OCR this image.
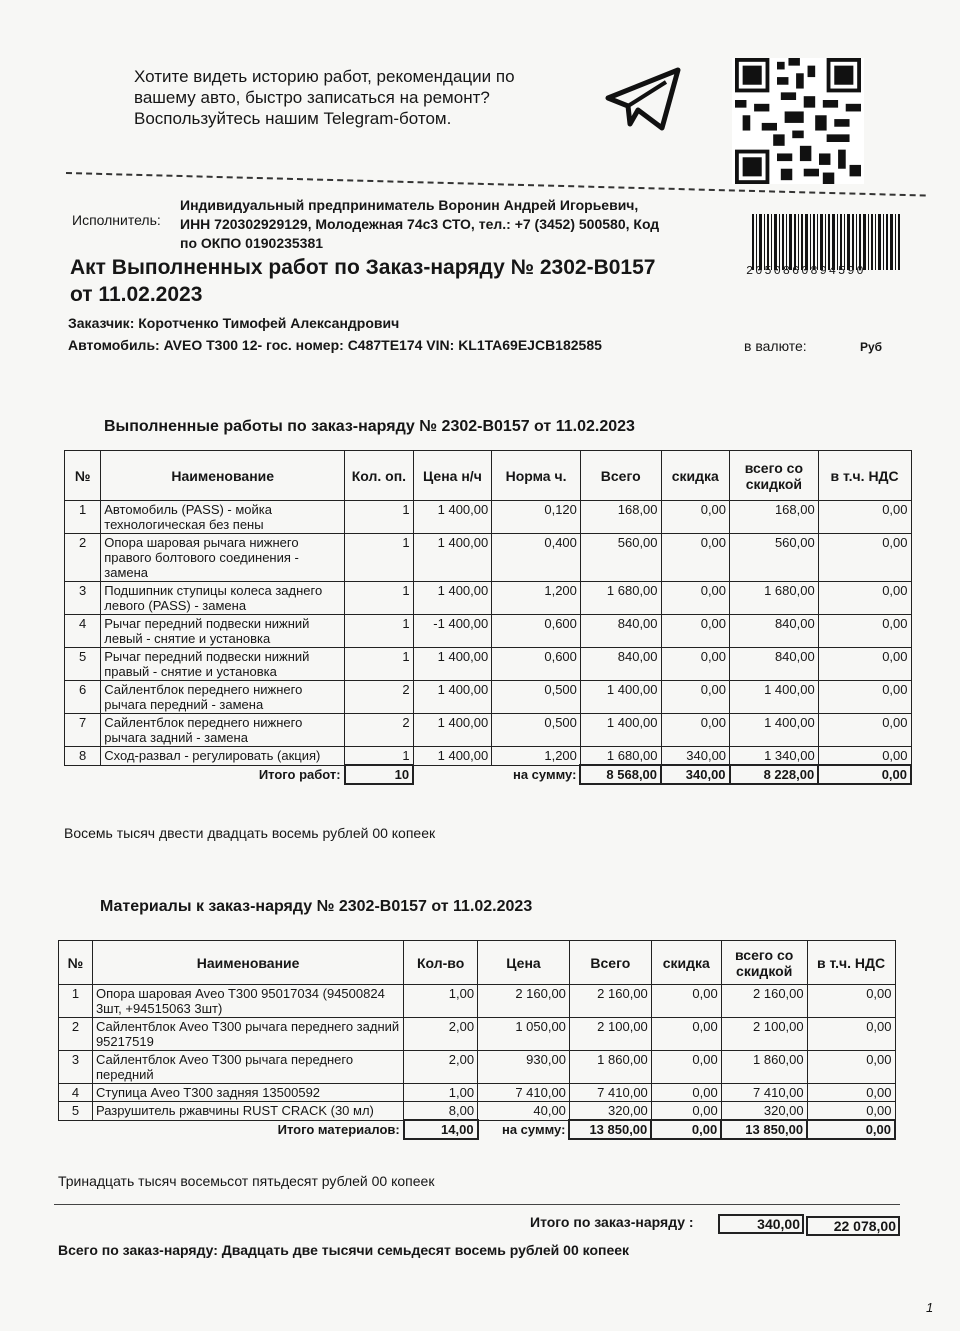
Хотите видеть историю работ, рекомендации по
вашему авто, быстро записаться на ремонт?
Воспользуйтесь нашим Telegram-ботом.
Исполнитель:
Индивидуальный предприниматель Воронин Андрей Игорьевич,
ИНН 720302929129, Молодежная 74с3 СТО, тел.: +7 (3452) 500580, Код
по ОКПО 0190235381
2050860894590
Акт Выполненных работ по Заказ-наряду № 2302-B0157
от 11.02.2023
Заказчик: Коротченко Тимофей Александрович
Автомобиль: AVEO T300 12- гос. номер: С487ТЕ174 VIN: KL1TA69EJCB182585	в валюте:	Руб
Выполненные работы по заказ-наряду № 2302-B0157 от 11.02.2023
№	Наименование	Кол. оп.	Цена н/ч	Норма ч.	Всего	скидка	всего со скидкой	в т.ч. НДС
1	Автомобиль (PASS) - мойка технологическая без пены	1	1 400,00	0,120	168,00	0,00	168,00	0,00
2	Опора шаровая рычага нижнего правого болтового соединения - замена	1	1 400,00	0,400	560,00	0,00	560,00	0,00
3	Подшипник ступицы колеса заднего левого (PASS) - замена	1	1 400,00	1,200	1 680,00	0,00	1 680,00	0,00
4	Рычаг передний подвески нижний левый - снятие и установка	1	-1 400,00	0,600	840,00	0,00	840,00	0,00
5	Рычаг передний подвески нижний правый - снятие и установка	1	1 400,00	0,600	840,00	0,00	840,00	0,00
6	Сайлентблок переднего нижнего рычага передний - замена	2	1 400,00	0,500	1 400,00	0,00	1 400,00	0,00
7	Сайлентблок переднего нижнего рычага задний - замена	2	1 400,00	0,500	1 400,00	0,00	1 400,00	0,00
8	Сход-развал - регулировать (акция)	1	1 400,00	1,200	1 680,00	340,00	1 340,00	0,00
Итого работ:		10	на сумму:		8 568,00	340,00	8 228,00	0,00
Восемь тысяч двести двадцать восемь рублей 00 копеек
Материалы к заказ-наряду № 2302-B0157 от 11.02.2023
№	Наименование	Кол-во	Цена	Всего	скидка	всего со скидкой	в т.ч. НДС
1	Опора шаровая Aveo T300 95017034 (94500824 3шт, +94515063 3шт)	1,00	2 160,00	2 160,00	0,00	2 160,00	0,00
2	Сайлентблок Aveo T300 рычага переднего задний 95217519	2,00	1 050,00	2 100,00	0,00	2 100,00	0,00
3	Сайлентблок Aveo T300 рычага переднего передний	2,00	930,00	1 860,00	0,00	1 860,00	0,00
4	Ступица Aveo T300 задняя 13500592	1,00	7 410,00	7 410,00	0,00	7 410,00	0,00
5	Разрушитель ржавчины RUST CRACK (30 мл)	8,00	40,00	320,00	0,00	320,00	0,00
Итого материалов:		14,00	на сумму:	13 850,00	0,00	13 850,00	0,00
Тринадцать тысяч восемьсот пятьдесят рублей 00 копеек
Итого по заказ-наряду :	340,00	22 078,00
Всего по заказ-наряду: Двадцать две тысячи семьдесят восемь рублей 00 копеек
1
